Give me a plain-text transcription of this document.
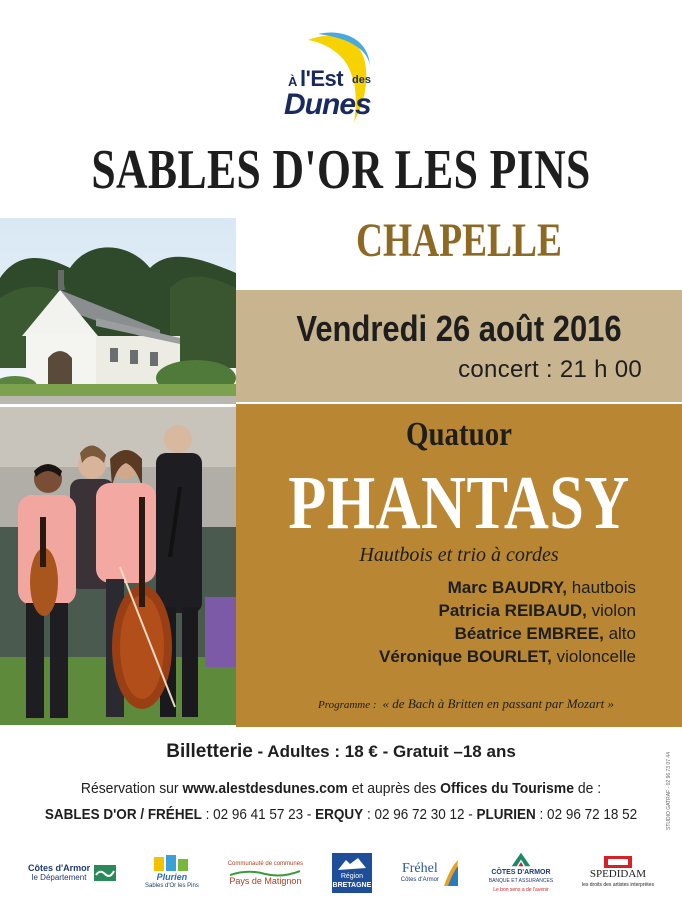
À l'Est des
Dunes
SABLES D'OR LES PINS
CHAPELLE
Vendredi 26 août 2016
concert : 21 h 00
Quatuor
PHANTASY
Hautbois et trio à cordes
Marc BAUDRY, hautbois
Patricia REIBAUD, violon
Béatrice EMBREE, alto
Véronique BOURLET, violoncelle
Programme : « de Bach à Britten en passant par Mozart »
Billetterie - Adultes : 18 € - Gratuit –18 ans
Réservation sur www.alestdesdunes.com et auprès des Offices du Tourisme de :
SABLES D'OR / FRÉHEL : 02 96 41 57 23 - ERQUY : 02 96 72 30 12 - PLURIEN : 02 96 72 18 52
Côtes d'Armor
le Département	Plurien
Sables d'Or les Pins
Communauté de communes
Pays de Matignon	Région
BRETAGNE
Fréhel
Côtes d'Armor
CÔTES D'ARMOR
BANQUE ET ASSURANCES
Le bon sens a de l'avenir
SPEDIDAM
les droits des artistes interprètes
STUDIO GATRAF - 02 96 73 07 44
